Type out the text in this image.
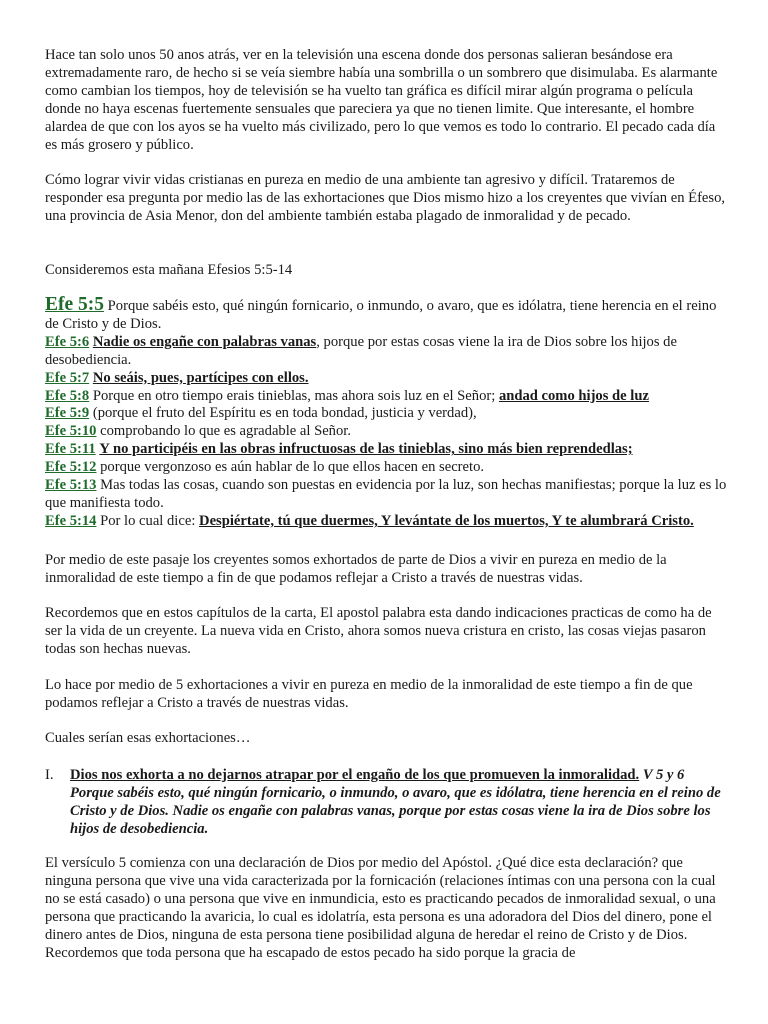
Hace tan solo unos 50 anos atrás, ver en la televisión una escena donde dos personas salieran besándose era extremadamente raro, de hecho si se veía siembre había una sombrilla o un sombrero que disimulaba. Es alarmante como cambian los tiempos, hoy de televisión se ha vuelto tan gráfica es difícil mirar algún programa o película donde no haya escenas fuertemente sensuales que pareciera ya que no tienen limite. Que interesante, el hombre alardea de que con los ayos se ha vuelto más civilizado, pero lo que vemos es todo lo contrario. El pecado cada día es más grosero y público.

Cómo lograr vivir vidas cristianas en pureza en medio de una ambiente tan agresivo y difícil. Trataremos de responder esa pregunta por medio las de las exhortaciones que Dios mismo hizo a los creyentes que vivían en Éfeso, una provincia de Asia Menor, don del ambiente también estaba plagado de inmoralidad y de pecado.

Consideremos esta mañana Efesios 5:5-14

Efe 5:5 Porque sabéis esto, qué ningún fornicario, o inmundo, o avaro, que es idólatra, tiene herencia en el reino de Cristo y de Dios.

Efe 5:6 Nadie os engañe con palabras vanas, porque por estas cosas viene la ira de Dios sobre los hijos de desobediencia.

Efe 5:7 No seáis, pues, partícipes con ellos.

Efe 5:8 Porque en otro tiempo erais tinieblas, mas ahora sois luz en el Señor; andad como hijos de luz

Efe 5:9 (porque el fruto del Espíritu es en toda bondad, justicia y verdad),

Efe 5:10 comprobando lo que es agradable al Señor.

Efe 5:11 Y no participéis en las obras infructuosas de las tinieblas, sino más bien reprendedlas;

Efe 5:12 porque vergonzoso es aún hablar de lo que ellos hacen en secreto.

Efe 5:13 Mas todas las cosas, cuando son puestas en evidencia por la luz, son hechas manifiestas; porque la luz es lo que manifiesta todo.

Efe 5:14 Por lo cual dice: Despiértate, tú que duermes, Y levántate de los muertos, Y te alumbrará Cristo.

Por medio de este pasaje los creyentes somos exhortados de parte de Dios a vivir en pureza en medio de la inmoralidad de este tiempo a fin de que podamos reflejar a Cristo a través de nuestras vidas.

Recordemos que en estos capítulos de la carta, El apostol palabra esta dando indicaciones practicas de como ha de ser la vida de un creyente. La nueva vida en Cristo, ahora somos nueva cristura en cristo, las cosas viejas pasaron todas son hechas nuevas.

Lo hace por medio de 5 exhortaciones a vivir en pureza en medio de la inmoralidad de este tiempo a fin de que podamos reflejar a Cristo a través de nuestras vidas.

Cuales serían esas exhortaciones…

I.	Dios nos exhorta a no dejarnos atrapar por el engaño de los que promueven la inmoralidad. V 5 y 6 Porque sabéis esto, qué ningún fornicario, o inmundo, o avaro, que es idólatra, tiene herencia en el reino de Cristo y de Dios. Nadie os engañe con palabras vanas, porque por estas cosas viene la ira de Dios sobre los hijos de desobediencia.

El versículo 5 comienza con una declaración de Dios por medio del Apóstol. ¿Qué dice esta declaración? que ninguna persona que vive una vida caracterizada por la fornicación (relaciones íntimas con una persona con la cual no se está casado) o una persona que vive en inmundicia, esto es practicando pecados de inmoralidad sexual, o una persona que practicando la avaricia, lo cual es idolatría, esta persona es una adoradora del Dios del dinero, pone el dinero antes de Dios, ninguna de esta persona tiene posibilidad alguna de heredar el reino de Cristo y de Dios. Recordemos que toda persona que ha escapado de estos pecado ha sido porque la gracia de
